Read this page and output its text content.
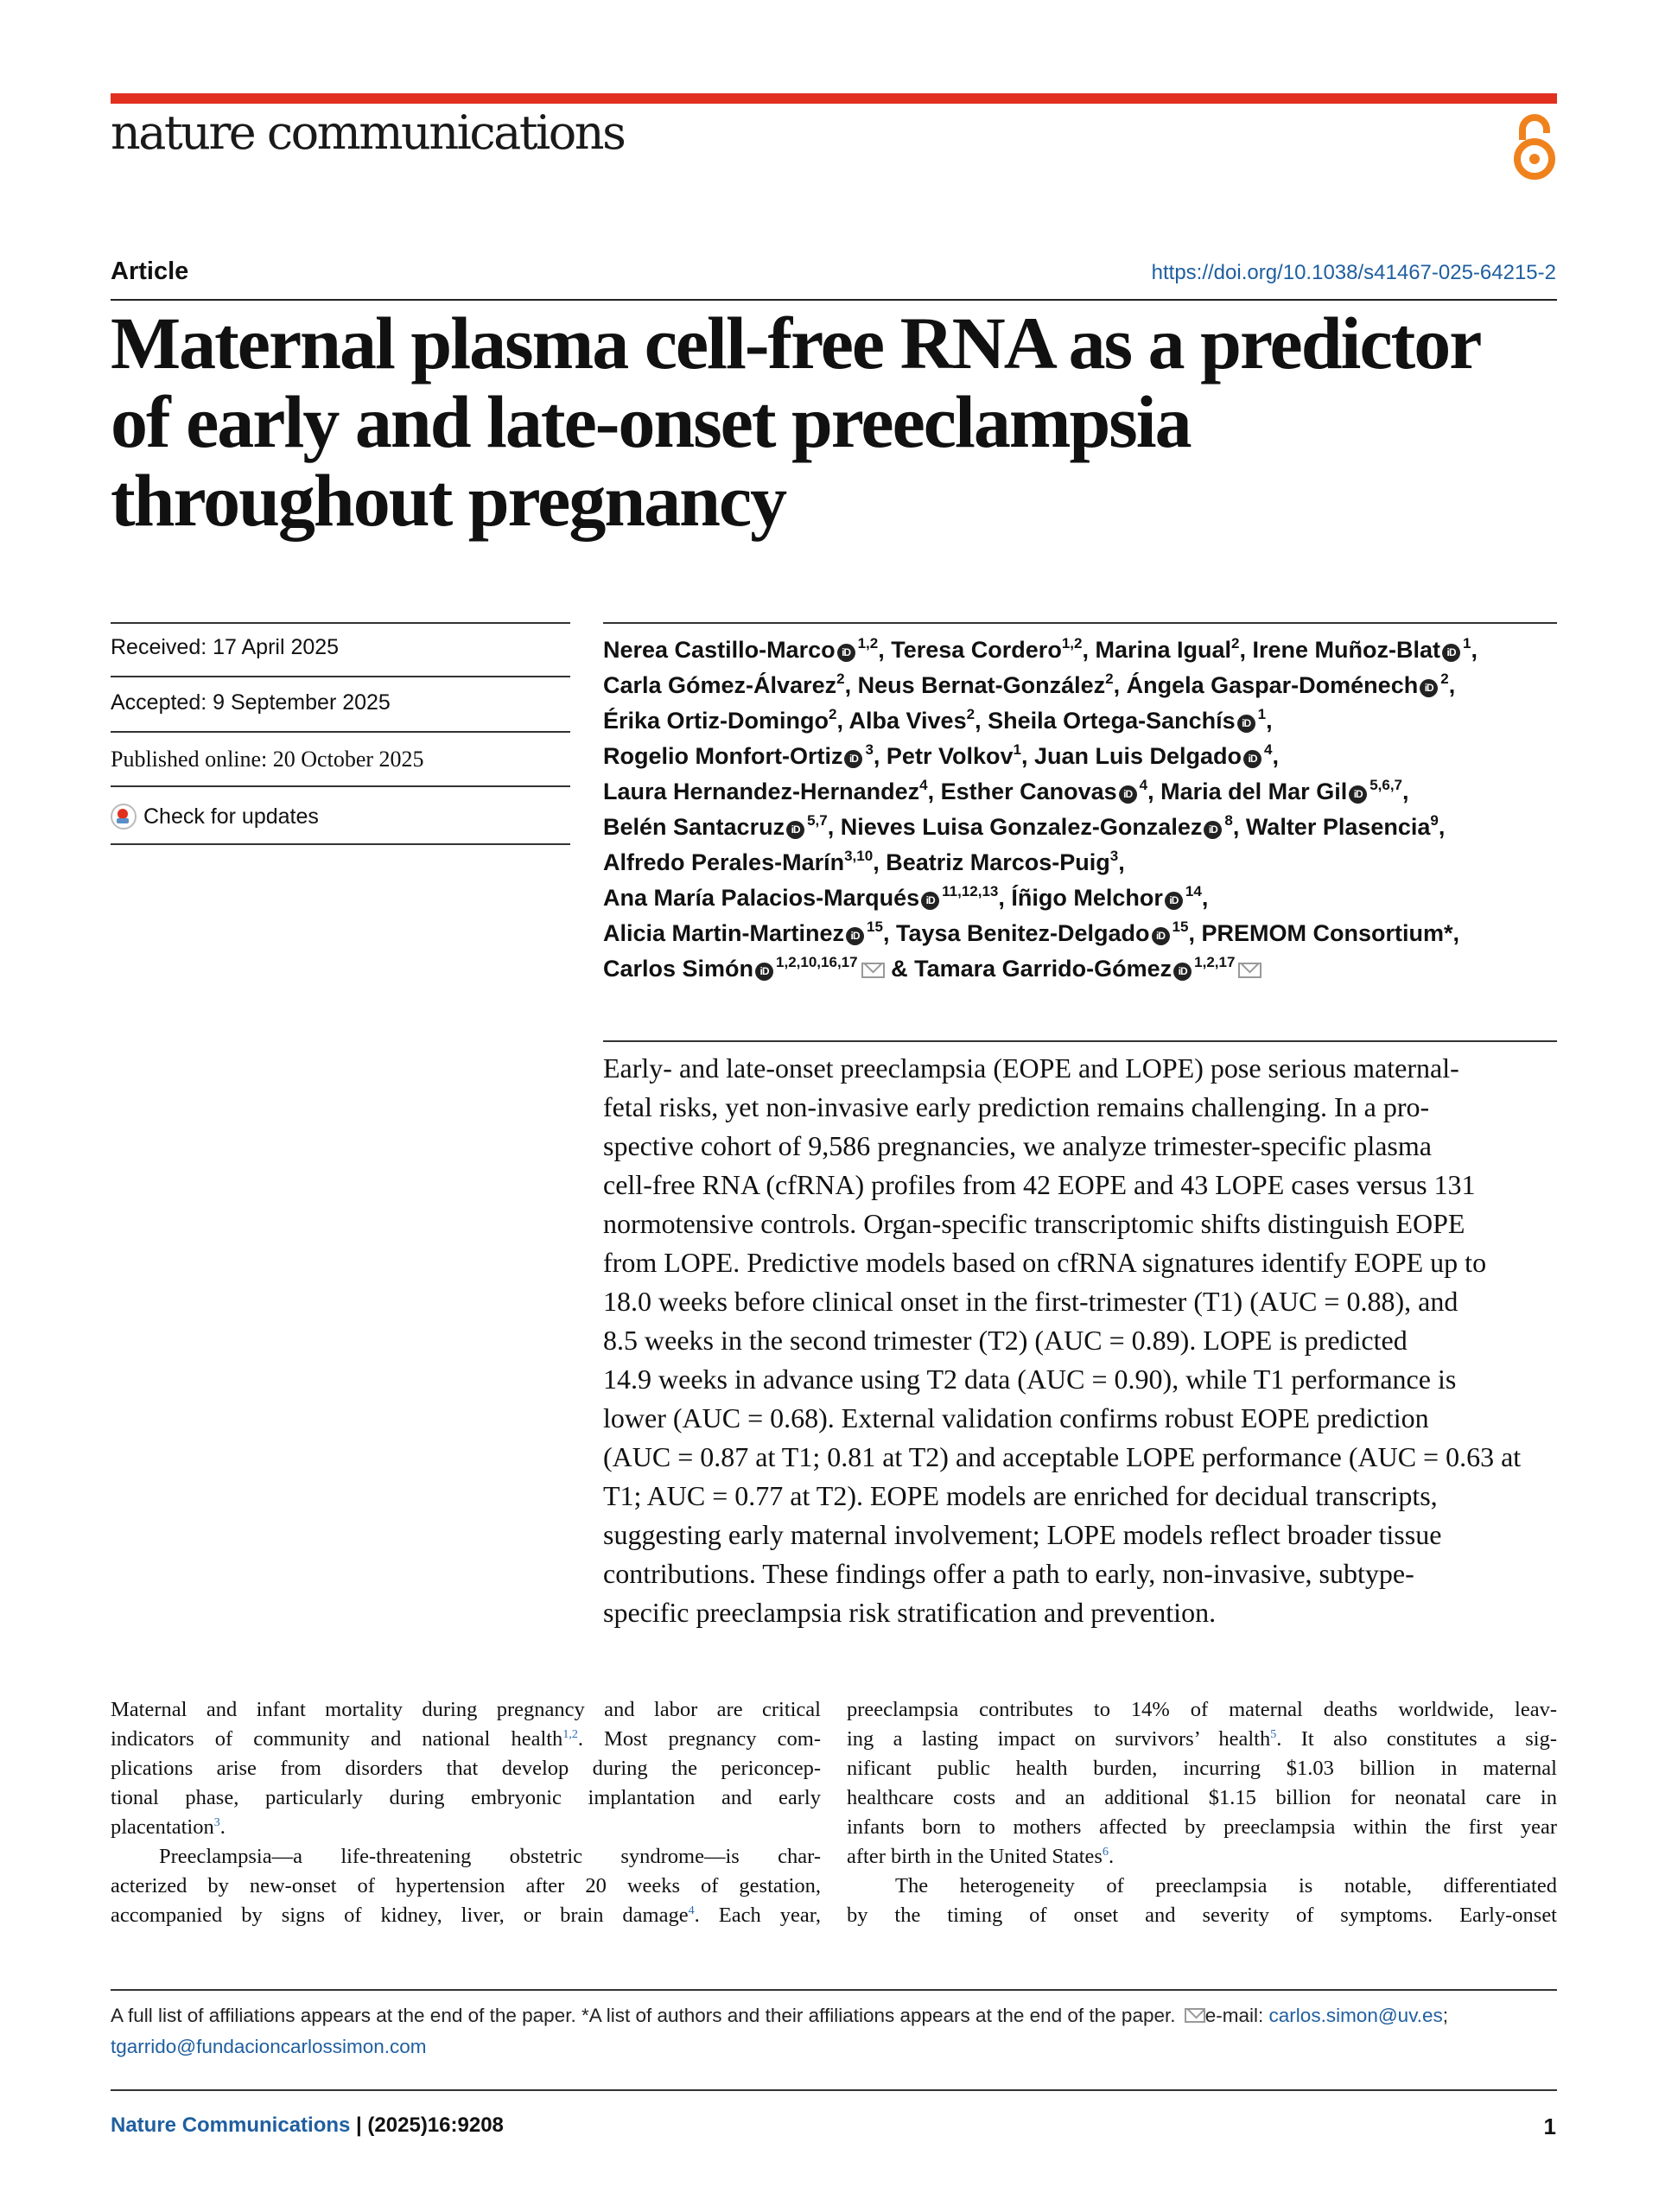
nature communications
Article	https://doi.org/10.1038/s41467-025-64215-2
Maternal plasma cell-free RNA as a predictor
of early and late-onset preeclampsia
throughout pregnancy
Received: 17 April 2025
Accepted: 9 September 2025
Published online: 20 October 2025
Check for updates
Nerea Castillo-Marco iD$^{1,2}$, Teresa Cordero$^{1,2}$, Marina Igual$^2$, Irene Muñoz-Blat $iD^1$,
Carla Gómez-Álvarez$^2$, Neus Bernat-González$^2$, Ángela Gaspar-Doménech $iD^2$,
Érika Ortiz-Domingo$^2$, Alba Vives$^2$, Sheila Ortega-Sanchís $iD^1$,
Rogelio Monfort-Ortiz $iD^3$, Petr Volkov$^1$, Juan Luis Delgado $iD^4$,
Laura Hernandez-Hernandez$^4$, Esther Canovas $iD^4$, Maria del Mar Gil iD$^{5,6,7}$,
Belén Santacruz iD$^{5,7}$, Nieves Luisa Gonzalez-Gonzalez $iD^8$, Walter Plasencia$^9$,
Alfredo Perales-Marín$^{3,10}$, Beatriz Marcos-Puig$^3$,
Ana María Palacios-Marqués iD$^{11,12,13}$, Íñigo Melchor $iD^{14}$,
Alicia Martin-Martinez $iD^{15}$, Taysa Benitez-Delgado $iD^{15}$, PREMOM Consortium*,
Carlos Simón iD$^{1,2,10,16,17}$ & Tamara Garrido-Gómez iD$^{1,2,17}$
Early- and late-onset preeclampsia (EOPE and LOPE) pose serious maternal-
fetal risks, yet non-invasive early prediction remains challenging. In a pro-
spective cohort of 9,586 pregnancies, we analyze trimester-specific plasma
cell-free RNA (cfRNA) profiles from 42 EOPE and 43 LOPE cases versus 131
normotensive controls. Organ-specific transcriptomic shifts distinguish EOPE
from LOPE. Predictive models based on cfRNA signatures identify EOPE up to
18.0 weeks before clinical onset in the first-trimester (T1) (AUC = 0.88), and
8.5 weeks in the second trimester (T2) (AUC = 0.89). LOPE is predicted
14.9 weeks in advance using T2 data (AUC = 0.90), while T1 performance is
lower (AUC = 0.68). External validation confirms robust EOPE prediction
(AUC = 0.87 at T1; 0.81 at T2) and acceptable LOPE performance (AUC = 0.63 at
T1; AUC = 0.77 at T2). EOPE models are enriched for decidual transcripts,
suggesting early maternal involvement; LOPE models reflect broader tissue
contributions. These findings offer a path to early, non-invasive, subtype-
specific preeclampsia risk stratification and prevention.
Maternal and infant mortality during pregnancy and labor are critical
indicators of community and national health$^{1,2}$. Most pregnancy com-
plications arise from disorders that develop during the periconcep-
tional phase, particularly during embryonic implantation and early
placentation$^3$.
Preeclampsia—a life-threatening obstetric syndrome—is char-
acterized by new-onset of hypertension after 20 weeks of gestation,
accompanied by signs of kidney, liver, or brain damage$^4$. Each year,
preeclampsia contributes to 14% of maternal deaths worldwide, leav-
ing a lasting impact on survivors’ health$^5$. It also constitutes a sig-
nificant public health burden, incurring $1.03 billion in maternal
healthcare costs and an additional $1.15 billion for neonatal care in
infants born to mothers affected by preeclampsia within the first year
after birth in the United States$^6$.
The heterogeneity of preeclampsia is notable, differentiated
by the timing of onset and severity of symptoms. Early-onset
A full list of affiliations appears at the end of the paper. *A list of authors and their affiliations appears at the end of the paper. e-mail: carlos.simon@uv.es;
tgarrido@fundacioncarlossimon.com
Nature Communications | (2025)16:9208	1
